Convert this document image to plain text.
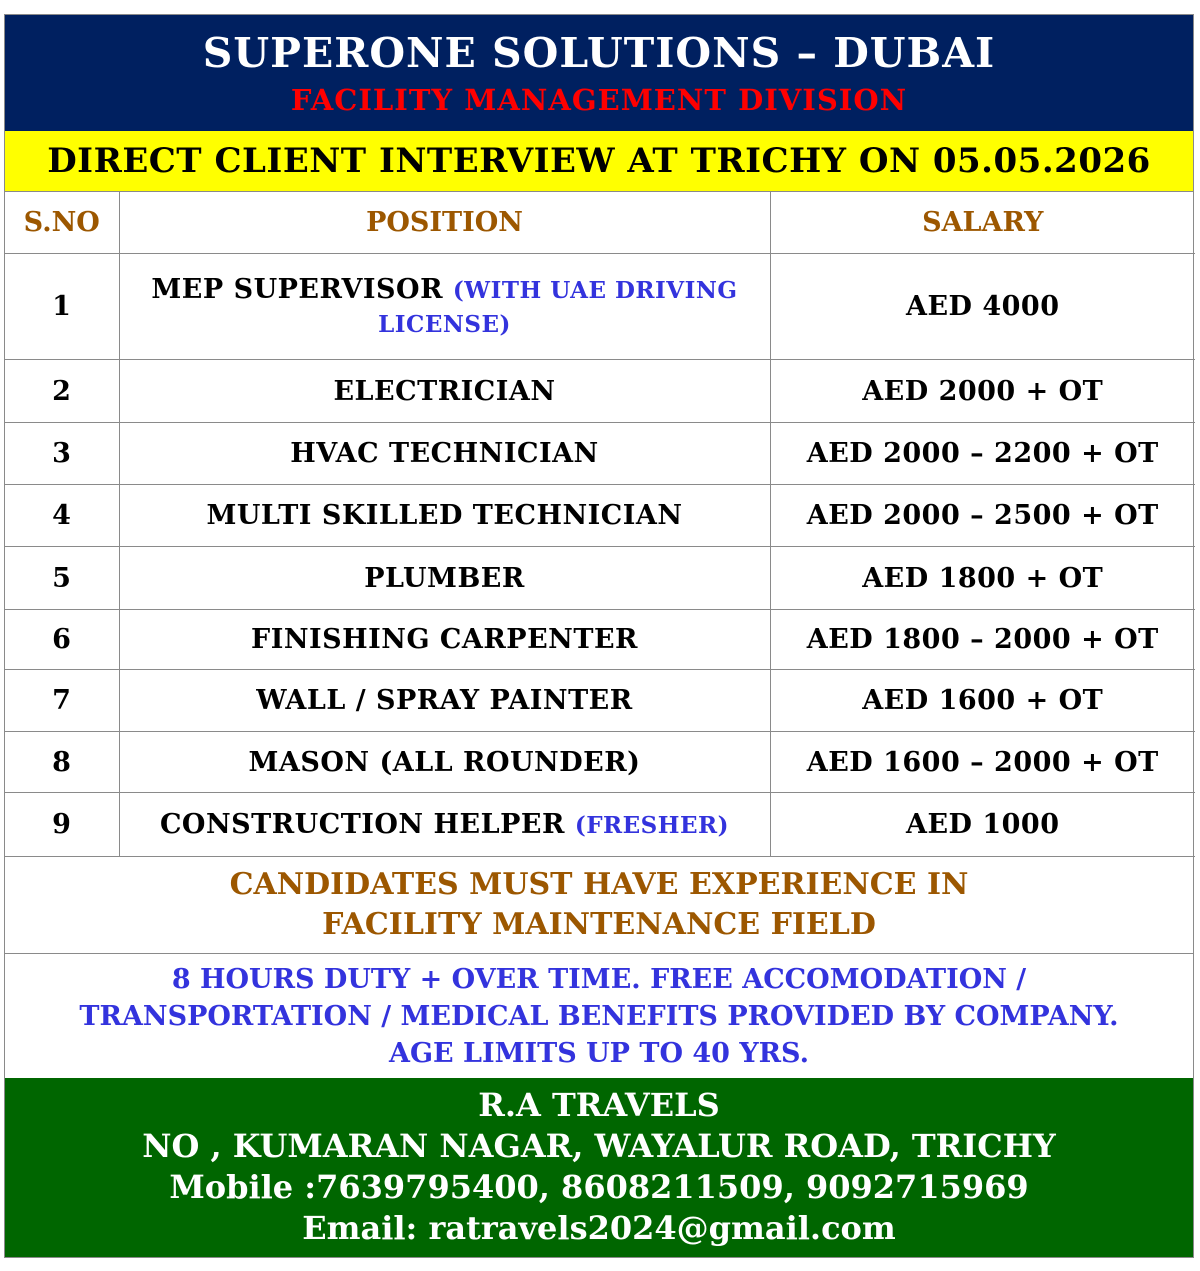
SUPERONE SOLUTIONS – DUBAI
FACILITY MANAGEMENT DIVISION
DIRECT CLIENT INTERVIEW AT TRICHY ON 05.05.2026
S.NO	POSITION	SALARY
1	MEP SUPERVISOR (WITH UAE DRIVING LICENSE)	AED 4000
2	ELECTRICIAN	AED 2000 + OT
3	HVAC TECHNICIAN	AED 2000 – 2200 + OT
4	MULTI SKILLED TECHNICIAN	AED 2000 – 2500 + OT
5	PLUMBER	AED 1800 + OT
6	FINISHING CARPENTER	AED 1800 – 2000 + OT
7	WALL / SPRAY PAINTER	AED 1600 + OT
8	MASON (ALL ROUNDER)	AED 1600 – 2000 + OT
9	CONSTRUCTION HELPER (FRESHER)	AED 1000
CANDIDATES MUST HAVE EXPERIENCE IN
FACILITY MAINTENANCE FIELD
8 HOURS DUTY + OVER TIME. FREE ACCOMODATION /
TRANSPORTATION / MEDICAL BENEFITS PROVIDED BY COMPANY.
AGE LIMITS UP TO 40 YRS.
R.A TRAVELS
NO , KUMARAN NAGAR, WAYALUR ROAD, TRICHY
Mobile :7639795400, 8608211509, 9092715969
Email: ratravels2024@gmail.com
